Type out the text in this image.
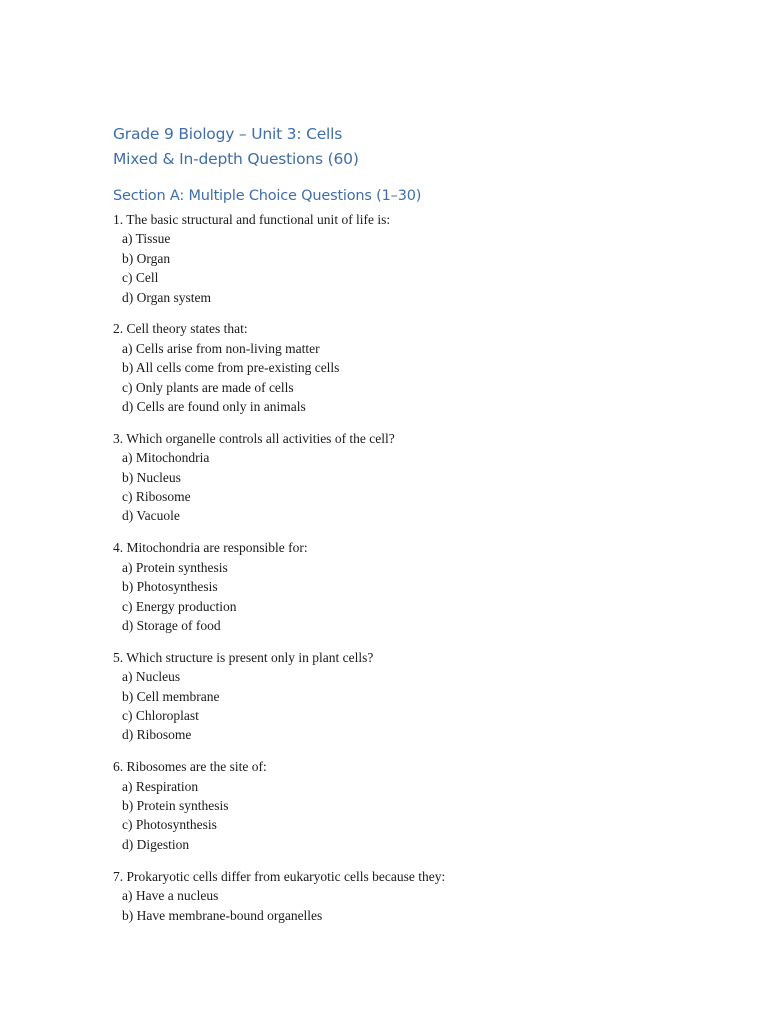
Grade 9 Biology – Unit 3: Cells
Mixed & In-depth Questions (60)
Section A: Multiple Choice Questions (1–30)
1. The basic structural and functional unit of life is:
a) Tissue
b) Organ
c) Cell
d) Organ system
2. Cell theory states that:
a) Cells arise from non-living matter
b) All cells come from pre-existing cells
c) Only plants are made of cells
d) Cells are found only in animals
3. Which organelle controls all activities of the cell?
a) Mitochondria
b) Nucleus
c) Ribosome
d) Vacuole
4. Mitochondria are responsible for:
a) Protein synthesis
b) Photosynthesis
c) Energy production
d) Storage of food
5. Which structure is present only in plant cells?
a) Nucleus
b) Cell membrane
c) Chloroplast
d) Ribosome
6. Ribosomes are the site of:
a) Respiration
b) Protein synthesis
c) Photosynthesis
d) Digestion
7. Prokaryotic cells differ from eukaryotic cells because they:
a) Have a nucleus
b) Have membrane-bound organelles
